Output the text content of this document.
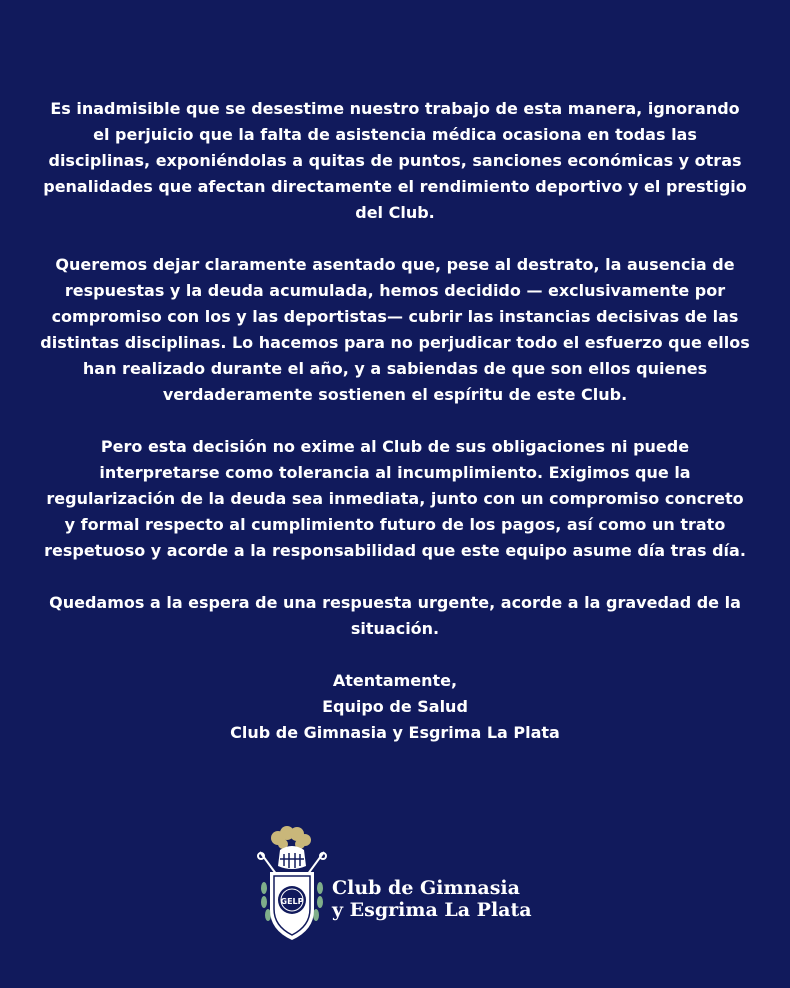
Es inadmisible que se desestime nuestro trabajo de esta manera, ignorando el perjuicio que la falta de asistencia médica ocasiona en todas las disciplinas, exponiéndolas a quitas de puntos, sanciones económicas y otras penalidades que afectan directamente el rendimiento deportivo y el prestigio del Club.

Queremos dejar claramente asentado que, pese al destrato, la ausencia de respuestas y la deuda acumulada, hemos decidido — exclusivamente por compromiso con los y las deportistas— cubrir las instancias decisivas de las distintas disciplinas. Lo hacemos para no perjudicar todo el esfuerzo que ellos han realizado durante el año, y a sabiendas de que son ellos quienes verdaderamente sostienen el espíritu de este Club.

Pero esta decisión no exime al Club de sus obligaciones ni puede interpretarse como tolerancia al incumplimiento. Exigimos que la regularización de la deuda sea inmediata, junto con un compromiso concreto y formal respecto al cumplimiento futuro de los pagos, así como un trato respetuoso y acorde a la responsabilidad que este equipo asume día tras día.

Quedamos a la espera de una respuesta urgente, acorde a la gravedad de la situación.

Atentamente,
Equipo de Salud
Club de Gimnasia y Esgrima La Plata
GELP
Club de Gimnasia
y Esgrima La Plata
